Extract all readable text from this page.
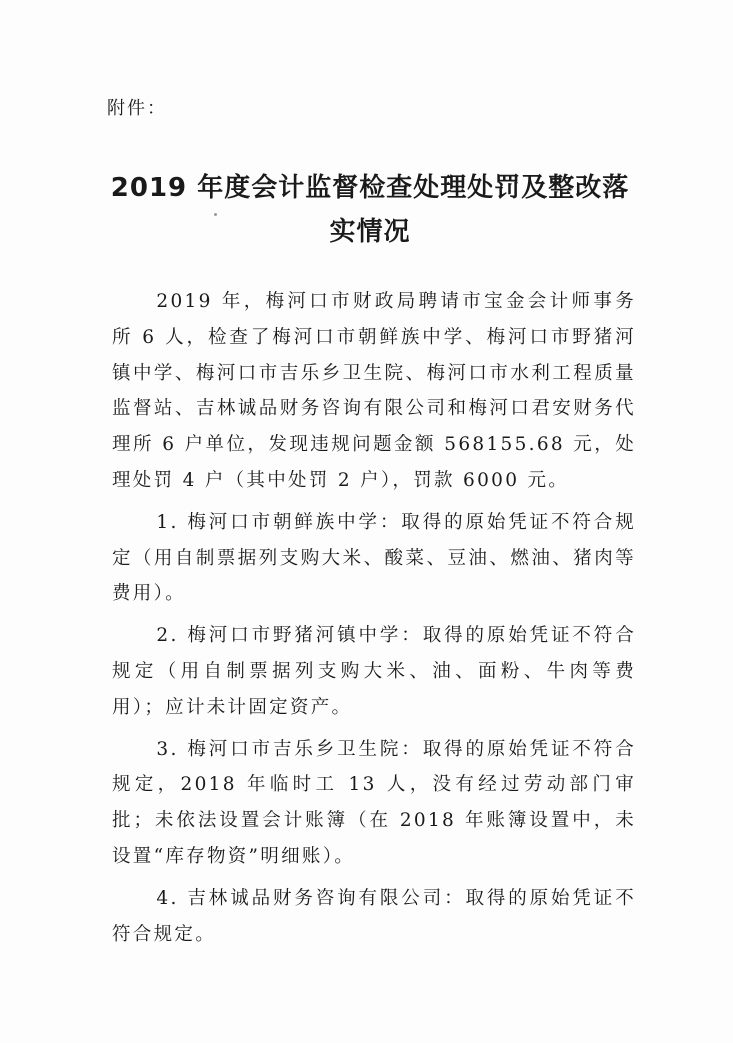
附件：
2019 年度会计监督检查处理处罚及整改落
实情况

2019 年，梅河口市财政局聘请市宝金会计师事务所 6 人，检查了梅河口市朝鲜族中学、梅河口市野猪河镇中学、梅河口市吉乐乡卫生院、梅河口市水利工程质量监督站、吉林诚品财务咨询有限公司和梅河口君安财务代理所 6 户单位，发现违规问题金额 568155.68 元，处理处罚 4 户（其中处罚 2 户），罚款 6000 元。

1. 梅河口市朝鲜族中学：取得的原始凭证不符合规定（用自制票据列支购大米、酸菜、豆油、燃油、猪肉等费用）。

2. 梅河口市野猪河镇中学：取得的原始凭证不符合规定（用自制票据列支购大米、油、面粉、牛肉等费用）；应计未计固定资产。

3. 梅河口市吉乐乡卫生院：取得的原始凭证不符合规定，2018 年临时工 13 人，没有经过劳动部门审批；未依法设置会计账簿（在 2018 年账簿设置中，未设置“库存物资”明细账）。

4. 吉林诚品财务咨询有限公司：取得的原始凭证不符合规定。
